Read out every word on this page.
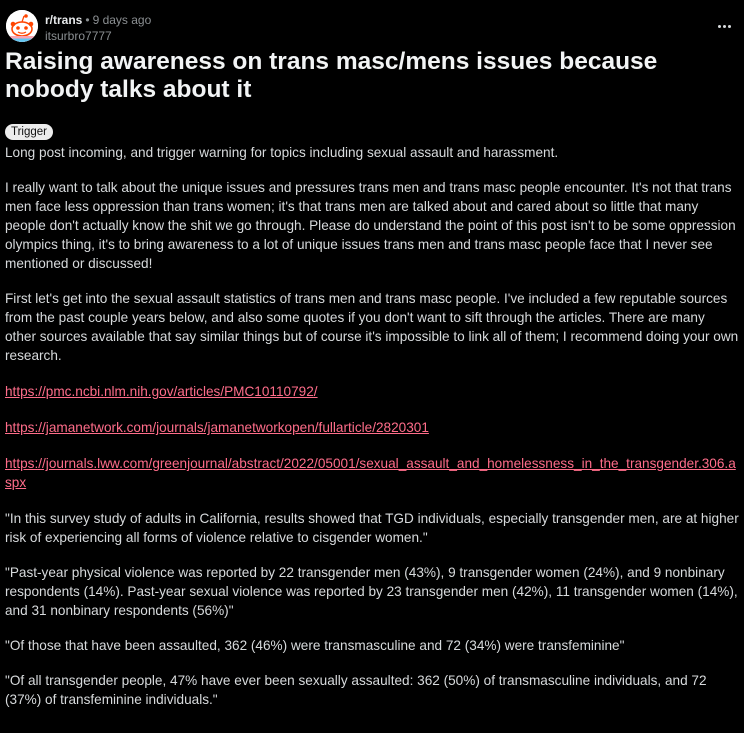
r/trans • 9 days ago
itsurbro7777
Raising awareness on trans masc/mens issues because nobody talks about it
Trigger

Long post incoming, and trigger warning for topics including sexual assault and harassment.

I really want to talk about the unique issues and pressures trans men and trans masc people encounter. It's not that trans men face less oppression than trans women; it's that trans men are talked about and cared about so little that many people don't actually know the shit we go through. Please do understand the point of this post isn't to be some oppression olympics thing, it's to bring awareness to a lot of unique issues trans men and trans masc people face that I never see mentioned or discussed!

First let's get into the sexual assault statistics of trans men and trans masc people. I've included a few reputable sources from the past couple years below, and also some quotes if you don't want to sift through the articles. There are many other sources available that say similar things but of course it's impossible to link all of them; I recommend doing your own research.

https://pmc.ncbi.nlm.nih.gov/articles/PMC10110792/

https://jamanetwork.com/journals/jamanetworkopen/fullarticle/2820301

https://journals.lww.com/greenjournal/abstract/2022/05001/sexual_assault_and_homelessness_in_the_transgender.306.aspx

"In this survey study of adults in California, results showed that TGD individuals, especially transgender men, are at higher risk of experiencing all forms of violence relative to cisgender women."

"Past-year physical violence was reported by 22 transgender men (43%), 9 transgender women (24%), and 9 nonbinary respondents (14%). Past-year sexual violence was reported by 23 transgender men (42%), 11 transgender women (14%), and 31 nonbinary respondents (56%)"

"Of those that have been assaulted, 362 (46%) were transmasculine and 72 (34%) were transfeminine"

"Of all transgender people, 47% have ever been sexually assaulted: 362 (50%) of transmasculine individuals, and 72 (37%) of transfeminine individuals."
